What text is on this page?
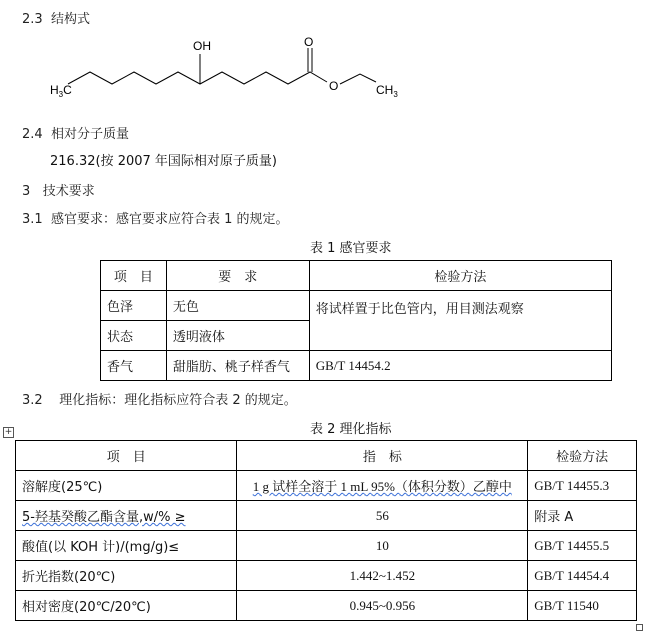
2.3 结构式
OH	O
O
$H_3C$	$CH_3$
2.4 相对分子质量
216.32(按 2007 年国际相对原子质量)
3 技术要求
3.1 感官要求：感官要求应符合表 1 的规定。
表 1 感官要求
项　目	要　求	检验方法
色泽	无色	将试样置于比色管内，用目测法观察
状态	透明液体	
香气	甜脂肪、桃子样香气	GB/T 14454.2
3.2 理化指标：理化指标应符合表 2 的规定。
表 2 理化指标
+
项　目	指　标	检验方法
溶解度(25℃)	1 g 试样全溶于 1 mL 95%（体积分数）乙醇中	GB/T 14455.3
5-羟基癸酸乙酯含量,w/% ≥	56	附录 A
酸值(以 KOH 计)/(mg/g)≤	10	GB/T 14455.5
折光指数(20℃)	1.442~1.452	GB/T 14454.4
相对密度(20℃/20℃)	0.945~0.956	GB/T 11540
